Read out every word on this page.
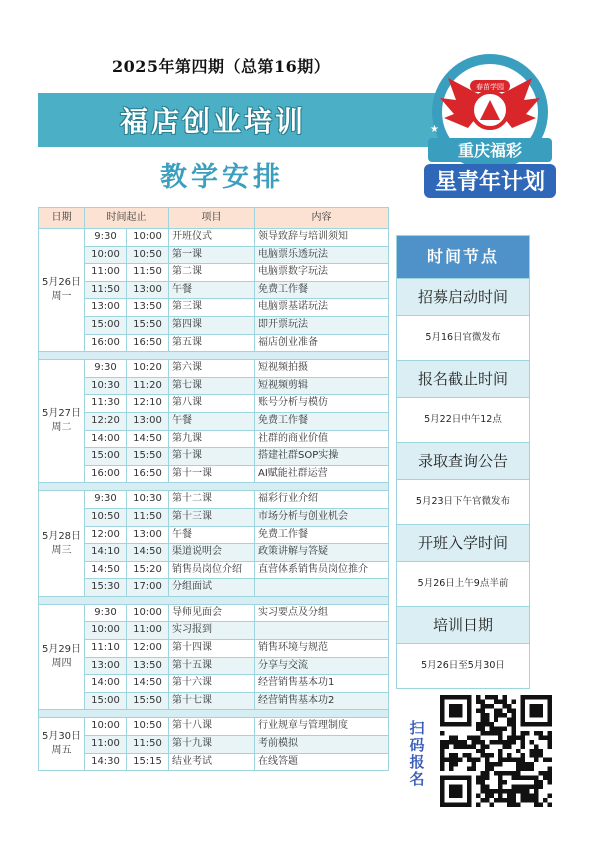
2025年第四期（总第16期）
福店创业培训
教学安排
★	★
★	★
春苗学园
重庆福彩
星青年计划
日期	时间起止		项目	内容
5月26日
周一	9:30	10:00	开班仪式	领导致辞与培训须知
	10:00	10:50	第一课	电脑票乐透玩法
	11:00	11:50	第二课	电脑票数字玩法
	11:50	13:00	午餐	免费工作餐
	13:00	13:50	第三课	电脑票基诺玩法
	15:00	15:50	第四课	即开票玩法
	16:00	16:50	第五课	福店创业准备

5月27日
周二	9:30	10:20	第六课	短视频拍摄
	10:30	11:20	第七课	短视频剪辑
	11:30	12:10	第八课	账号分析与模仿
	12:20	13:00	午餐	免费工作餐
	14:00	14:50	第九课	社群的商业价值
	15:00	15:50	第十课	搭建社群SOP实操
	16:00	16:50	第十一课	AI赋能社群运营

5月28日
周三	9:30	10:30	第十二课	福彩行业介绍
	10:50	11:50	第十三课	市场分析与创业机会
	12:00	13:00	午餐	免费工作餐
	14:10	14:50	渠道说明会	政策讲解与答疑
	14:50	15:20	销售员岗位介绍	直营体系销售员岗位推介
	15:30	17:00	分组面试	

5月29日
周四	9:30	10:00	导师见面会	实习要点及分组
	10:00	11:00	实习报到	
	11:10	12:00	第十四课	销售环境与规范
	13:00	13:50	第十五课	分享与交流
	14:00	14:50	第十六课	经营销售基本功1
	15:00	15:50	第十七课	经营销售基本功2

5月30日
周五	10:00	10:50	第十八课	行业规章与管理制度
	11:00	11:50	第十九课	考前模拟
	14:30	15:15	结业考试	在线答题
时间节点
招募启动时间
5月16日官微发布
报名截止时间
5月22日中午12点
录取查询公告
5月23日下午官微发布
开班入学时间
5月26日上午9点半前
培训日期
5月26日至5月30日
扫码报名
